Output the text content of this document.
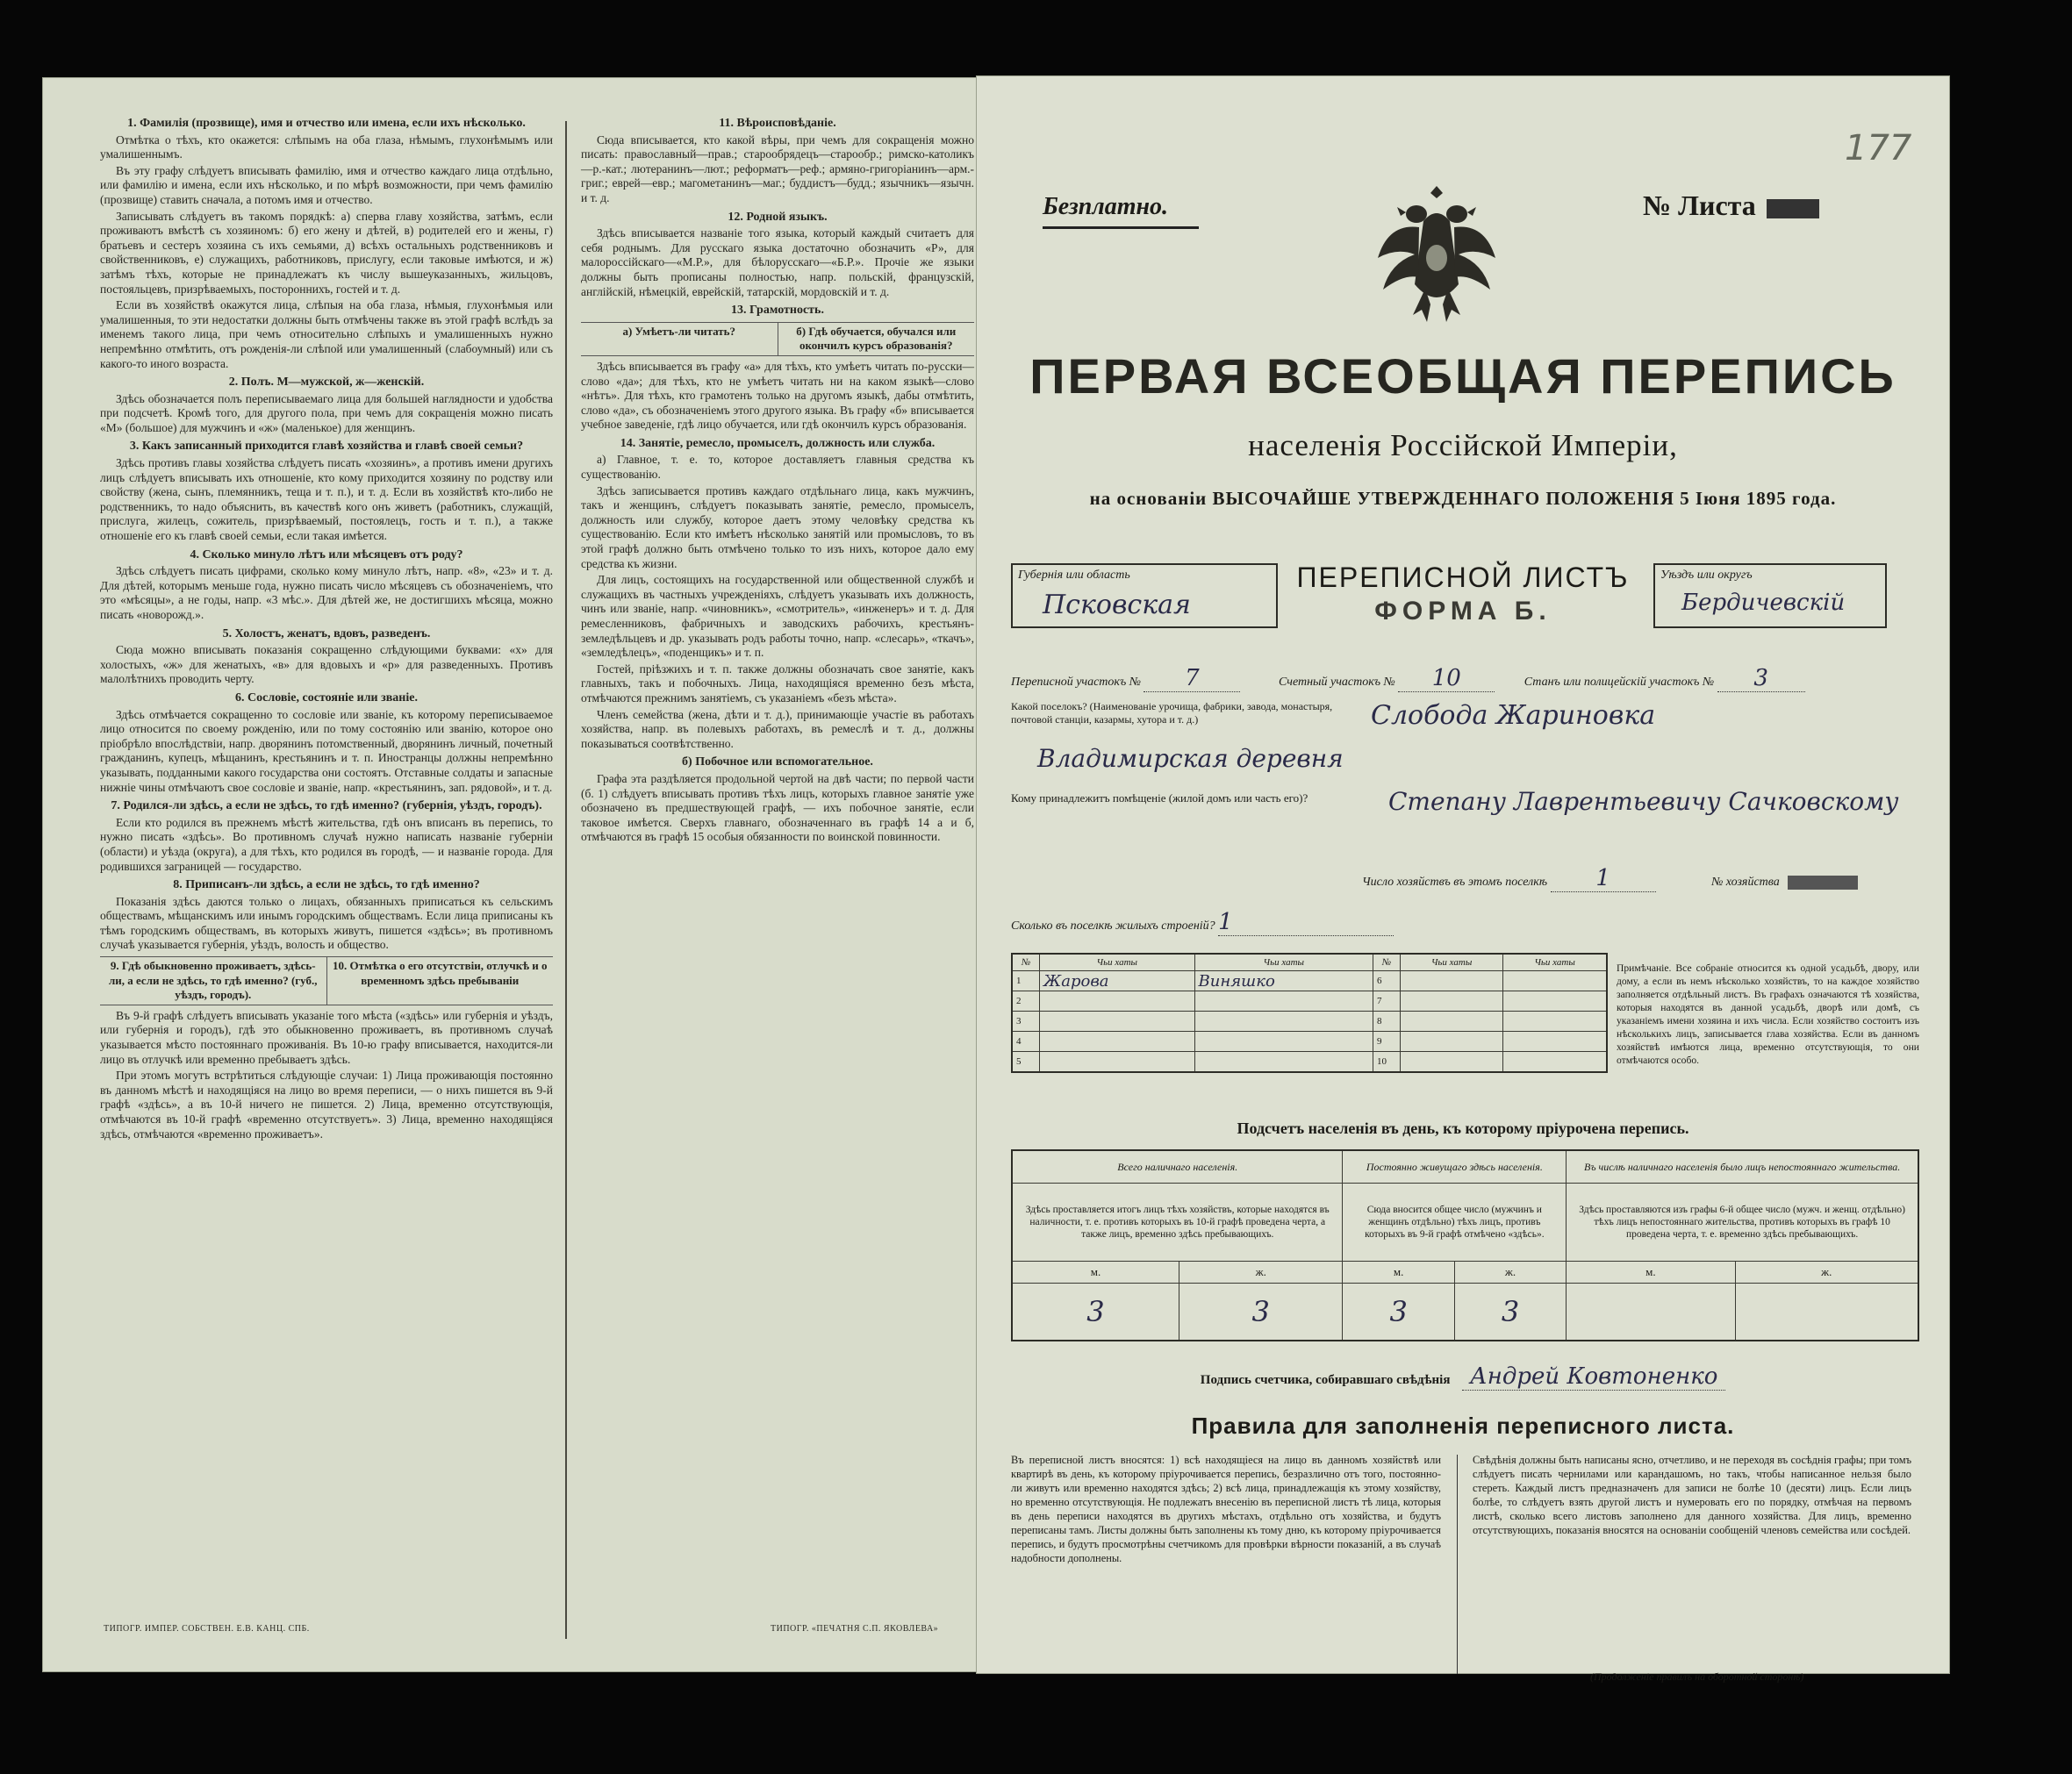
1. Фамилія (прозвище), имя и отчество или имена, если ихъ нѣсколько.

Отмѣтка о тѣхъ, кто окажется: слѣпымъ на оба глаза, нѣмымъ, глухонѣмымъ или умалишеннымъ.

Въ эту графу слѣдуетъ вписывать фамилію, имя и отчество каждаго лица отдѣльно, или фамилію и имена, если ихъ нѣсколько, и по мѣрѣ возможности, при чемъ фамилію (прозвище) ставить сначала, а потомъ имя и отчество.

Записывать слѣдуетъ въ такомъ порядкѣ: а) сперва главу хозяйства, затѣмъ, если проживаютъ вмѣстѣ съ хозяиномъ: б) его жену и дѣтей, в) родителей его и жены, г) братьевъ и сестеръ хозяина съ ихъ семьями, д) всѣхъ остальныхъ родственниковъ и свойственниковъ, е) служащихъ, работниковъ, прислугу, если таковые имѣются, и ж) затѣмъ тѣхъ, которые не принадлежатъ къ числу вышеуказанныхъ, жильцовъ, постояльцевъ, призрѣваемыхъ, постороннихъ, гостей и т. д.

Если въ хозяйствѣ окажутся лица, слѣпыя на оба глаза, нѣмыя, глухонѣмыя или умалишенныя, то эти недостатки должны быть отмѣчены также въ этой графѣ вслѣдъ за именемъ такого лица, при чемъ относительно слѣпыхъ и умалишенныхъ нужно непремѣнно отмѣтить, отъ рожденія-ли слѣпой или умалишенный (слабоумный) или съ какого-то иного возраста.

2. Полъ. М—мужской, ж—женскій.

Здѣсь обозначается полъ переписываемаго лица для большей наглядности и удобства при подсчетѣ. Кромѣ того, для другого пола, при чемъ для сокращенія можно писать «М» (большое) для мужчинъ и «ж» (маленькое) для женщинъ.

3. Какъ записанный приходится главѣ хозяйства и главѣ своей семьи?

Здѣсь противъ главы хозяйства слѣдуетъ писать «хозяинъ», а противъ имени другихъ лицъ слѣдуетъ вписывать ихъ отношеніе, кто кому приходится хозяину по родству или свойству (жена, сынъ, племянникъ, теща и т. п.), и т. д. Если въ хозяйствѣ кто-либо не родственникъ, то надо объяснить, въ качествѣ кого онъ живетъ (работникъ, служащій, прислуга, жилецъ, сожитель, призрѣваемый, постоялецъ, гость и т. п.), а также отношеніе его къ главѣ своей семьи, если такая имѣется.

4. Сколько минуло лѣтъ или мѣсяцевъ отъ роду?

Здѣсь слѣдуетъ писать цифрами, сколько кому минуло лѣтъ, напр. «8», «23» и т. д. Для дѣтей, которымъ меньше года, нужно писать число мѣсяцевъ съ обозначеніемъ, что это «мѣсяцы», а не годы, напр. «3 мѣс.». Для дѣтей же, не достигшихъ мѣсяца, можно писать «новорожд.».

5. Холостъ, женатъ, вдовъ, разведенъ.

Сюда можно вписывать показанія сокращенно слѣдующими буквами: «х» для холостыхъ, «ж» для женатыхъ, «в» для вдовыхъ и «р» для разведенныхъ. Противъ малолѣтнихъ проводить черту.

6. Сословіе, состояніе или званіе.

Здѣсь отмѣчается сокращенно то сословіе или званіе, къ которому переписываемое лицо относится по своему рожденію, или по тому состоянію или званію, которое оно пріобрѣло впослѣдствіи, напр. дворянинъ потомственный, дворянинъ личный, почетный гражданинъ, купецъ, мѣщанинъ, крестьянинъ и т. п. Иностранцы должны непремѣнно указывать, подданными какого государства они состоятъ. Отставные солдаты и запасные нижніе чины отмѣчаютъ свое сословіе и званіе, напр. «крестьянинъ, зап. рядовой», и т. д.

7. Родился-ли здѣсь, а если не здѣсь, то гдѣ именно? (губернія, уѣздъ, городъ).

Если кто родился въ прежнемъ мѣстѣ жительства, гдѣ онъ вписанъ въ перепись, то нужно писать «здѣсь». Во противномъ случаѣ нужно написать названіе губерніи (области) и уѣзда (округа), а для тѣхъ, кто родился въ городѣ, — и названіе города. Для родившихся заграницей — государство.

8. Приписанъ-ли здѣсь, а если не здѣсь, то гдѣ именно?

Показанія здѣсь даются только о лицахъ, обязанныхъ приписаться къ сельскимъ обществамъ, мѣщанскимъ или инымъ городскимъ обществамъ. Если лица приписаны къ тѣмъ городскимъ обществамъ, въ которыхъ живутъ, пишется «здѣсь»; въ противномъ случаѣ указывается губернія, уѣздъ, волость и общество.

9. Гдѣ обыкновенно проживаетъ, здѣсь-ли, а если не здѣсь, то гдѣ именно? (губ., уѣздъ, городъ).
10. Отмѣтка о его отсутствіи, отлучкѣ и о временномъ здѣсь пребываніи

Въ 9-й графѣ слѣдуетъ вписывать указаніе того мѣста («здѣсь» или губернія и уѣздъ, или губернія и городъ), гдѣ это обыкновенно проживаетъ, въ противномъ случаѣ указывается мѣсто постояннаго проживанія. Въ 10-ю графу вписывается, находится-ли лицо въ отлучкѣ или временно пребываетъ здѣсь.

При этомъ могутъ встрѣтиться слѣдующіе случаи: 1) Лица проживающія постоянно въ данномъ мѣстѣ и находящіяся на лицо во время переписи, — о нихъ пишется въ 9-й графѣ «здѣсь», а въ 10-й ничего не пишется. 2) Лица, временно отсутствующія, отмѣчаются въ 10-й графѣ «временно отсутствуетъ». 3) Лица, временно находящіяся здѣсь, отмѣчаются «временно проживаетъ».

11. Вѣроисповѣданіе.

Сюда вписывается, кто какой вѣры, при чемъ для сокращенія можно писать: православный—прав.; старообрядецъ—старообр.; римско-католикъ—р.-кат.; лютеранинъ—лют.; реформатъ—реф.; армяно-григоріанинъ—арм.-григ.; еврей—евр.; магометанинъ—маг.; буддистъ—будд.; язычникъ—язычн. и т. д.

12. Родной языкъ.

Здѣсь вписывается названіе того языка, который каждый считаетъ для себя роднымъ. Для русскаго языка достаточно обозначить «Р», для малороссійскаго—«М.Р.», для бѣлорусскаго—«Б.Р.». Прочіе же языки должны быть прописаны полностью, напр. польскій, французскій, англійскій, нѣмецкій, еврейскій, татарскій, мордовскій и т. д.

13. Грамотность.
а) Умѣетъ-ли читать?	б) Гдѣ обучается, обучался или окончилъ курсъ образованія?

Здѣсь вписывается въ графу «а» для тѣхъ, кто умѣетъ читать по-русски—слово «да»; для тѣхъ, кто не умѣетъ читать ни на каком языкѣ—слово «нѣтъ». Для тѣхъ, кто грамотенъ только на другомъ языкѣ, дабы отмѣтить, слово «да», съ обозначеніемъ этого другого языка. Въ графу «б» вписывается учебное заведеніе, гдѣ лицо обучается, или гдѣ окончилъ курсъ образованія.

14. Занятіе, ремесло, промыселъ, должность или служба.

а) Главное, т. е. то, которое доставляетъ главныя средства къ существованію.

Здѣсь записывается противъ каждаго отдѣльнаго лица, какъ мужчинъ, такъ и женщинъ, слѣдуетъ показывать занятіе, ремесло, промыселъ, должность или службу, которое даетъ этому человѣку средства къ существованію. Если кто имѣетъ нѣсколько занятій или промысловъ, то въ этой графѣ должно быть отмѣчено только то изъ нихъ, которое дало ему средства къ жизни.

Для лицъ, состоящихъ на государственной или общественной службѣ и служащихъ въ частныхъ учрежденіяхъ, слѣдуетъ указывать ихъ должность, чинъ или званіе, напр. «чиновникъ», «смотритель», «инженеръ» и т. д. Для ремесленниковъ, фабричныхъ и заводскихъ рабочихъ, крестьянъ-земледѣльцевъ и др. указывать родъ работы точно, напр. «слесарь», «ткачъ», «земледѣлецъ», «поденщикъ» и т. п.

Гостей, пріѣзжихъ и т. п. также должны обозначать свое занятіе, какъ главныхъ, такъ и побочныхъ. Лица, находящіяся временно безъ мѣста, отмѣчаются прежнимъ занятіемъ, съ указаніемъ «безъ мѣста».

Членъ семейства (жена, дѣти и т. д.), принимающіе участіе въ работахъ хозяйства, напр. въ полевыхъ работахъ, въ ремеслѣ и т. д., должны показываться соотвѣтственно.

б) Побочное или вспомогательное.

Графа эта раздѣляется продольной чертой на двѣ части; по первой части (б. 1) слѣдуетъ вписывать противъ тѣхъ лицъ, которыхъ главное занятіе уже обозначено въ предшествующей графѣ, — ихъ побочное занятіе, если таковое имѣется. Сверхъ главнаго, обозначеннаго въ графѣ 14 а и б, отмѣчаются въ графѣ 15 особыя обязанности по воинской повинности.

ТИПОГР. ИМПЕР. СОБСТВЕН. Е.В. КАНЦ. СПБ.	ТИПОГР. «ПЕЧАТНЯ С.П. ЯКОВЛЕВА»
177
Безплатно.	№ Листа
ПЕРВАЯ ВСЕОБЩАЯ ПЕРЕПИСЬ
населенія Россійской Имперіи,
на основаніи ВЫСОЧАЙШЕ УТВЕРЖДЕННАГО ПОЛОЖЕНІЯ 5 Іюня 1895 года.
Губернія или область
Псковская
ПЕРЕПИСНОЙ ЛИСТЪ
ФОРМА Б.
Уѣздъ или округъ
Бердичевскій
Переписной участокъ № 7	Счетный участокъ № 10	Станъ или полицейскій участокъ № 3
Какой поселокъ? (Наименованіе урочища, фабрики, завода, монастыря, почтовой станціи, казармы, хутора и т. д.)	Слобода Жариновка
Владимирская деревня
Кому принадлежитъ помѣщеніе (жилой домъ или часть его)?	Степану Лаврентьевичу Сачковскому
Число хозяйствъ въ этомъ поселкѣ 1	№ хозяйства
Сколько въ поселкѣ жилыхъ строеній? 1
№	Чьи хаты	Чьи хаты	№	Чьи хаты	Чьи хаты
1	Жарова	Виняшко	6		
2			7		
3			8		
4			9		
5			10		
Примѣчаніе. Все собраніе относится къ одной усадьбѣ, двору, или дому, а если въ немъ нѣсколько хозяйствъ, то на каждое хозяйство заполняется отдѣльный листъ. Въ графахъ означаются тѣ хозяйства, которыя находятся въ данной усадьбѣ, дворѣ или домѣ, съ указаніемъ имени хозяина и ихъ числа. Если хозяйство состоитъ изъ нѣсколькихъ лицъ, записывается глава хозяйства. Если въ данномъ хозяйствѣ имѣются лица, временно отсутствующія, то они отмѣчаются особо.
Подсчетъ населенія въ день, къ которому пріурочена перепись.
Всего наличнаго населенія.		Постоянно живущаго здѣсь населенія.		Въ числѣ наличнаго населенія было лицъ непостояннаго жительства.	
Здѣсь проставляется итогъ лицъ тѣхъ хозяйствъ, которые находятся въ наличности, т. е. противъ которыхъ въ 10-й графѣ проведена черта, а также лицъ, временно здѣсь пребывающихъ.		Сюда вносится общее число (мужчинъ и женщинъ отдѣльно) тѣхъ лицъ, противъ которыхъ въ 9-й графѣ отмѣчено «здѣсь».		Здѣсь проставляются изъ графы 6-й общее число (мужч. и женщ. отдѣльно) тѣхъ лицъ непостояннаго жительства, противъ которыхъ въ графѣ 10 проведена черта, т. е. временно здѣсь пребывающихъ.	
м.	ж.	м.	ж.	м.	ж.
3	3	3	3		
Подпись счетчика, собиравшаго свѣдѣнія Андрей Ковтоненко
Правила для заполненія переписного листа.
Въ переписной листъ вносятся: 1) всѣ находящіеся на лицо въ данномъ хозяйствѣ или квартирѣ въ день, къ которому пріурочивается перепись, безразлично отъ того, постоянно-ли живутъ или временно находятся здѣсь; 2) всѣ лица, принадлежащія къ этому хозяйству, но временно отсутствующія. Не подлежатъ внесенію въ переписной листъ тѣ лица, которыя въ день переписи находятся въ другихъ мѣстахъ, отдѣльно отъ хозяйства, и будутъ переписаны тамъ. Листы должны быть заполнены къ тому дню, къ которому пріурочивается перепись, и будутъ просмотрѣны счетчикомъ для провѣрки вѣрности показаній, а въ случаѣ надобности дополнены.
Свѣдѣнія должны быть написаны ясно, отчетливо, и не переходя въ сосѣднія графы; при томъ слѣдуетъ писать чернилами или карандашомъ, но такъ, чтобы написанное нельзя было стереть. Каждый листъ предназначенъ для записи не болѣе 10 (десяти) лицъ. Если лицъ болѣе, то слѣдуетъ взять другой листъ и нумеровать его по порядку, отмѣчая на первомъ листѣ, сколько всего листовъ заполнено для данного хозяйства. Для лицъ, временно отсутствующихъ, показанія вносятся на основаніи сообщеній членовъ семейства или сосѣдей.
(Продолженіе правилъ на оборотной сторонѣ)
